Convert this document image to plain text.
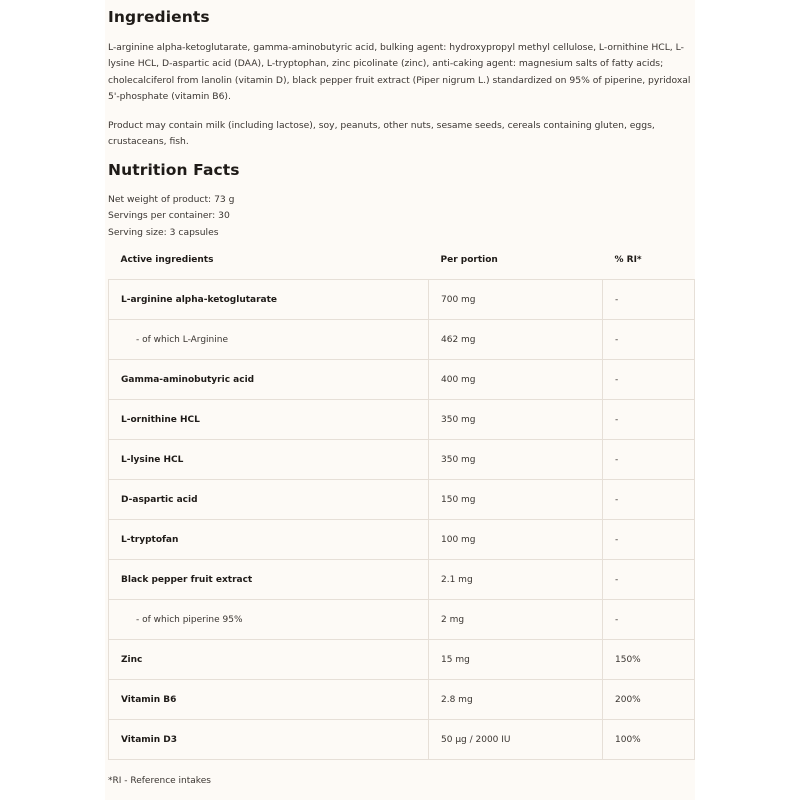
Ingredients

L-arginine alpha-ketoglutarate, gamma-aminobutyric acid, bulking agent: hydroxypropyl methyl cellulose, L-ornithine HCL, L-lysine HCL, D-aspartic acid (DAA), L-tryptophan, zinc picolinate (zinc), anti-caking agent: magnesium salts of fatty acids; cholecalciferol from lanolin (vitamin D), black pepper fruit extract (Piper nigrum L.) standardized on 95% of piperine, pyridoxal 5'-phosphate (vitamin B6).

Product may contain milk (including lactose), soy, peanuts, other nuts, sesame seeds, cereals containing gluten, eggs, crustaceans, fish.

Nutrition Facts
Net weight of product: 73 g
Servings per container: 30
Serving size: 3 capsules
Active ingredients	Per portion	% RI*
L-arginine alpha-ketoglutarate	700 mg	-
- of which L-Arginine	462 mg	-
Gamma-aminobutyric acid	400 mg	-
L-ornithine HCL	350 mg	-
L-lysine HCL	350 mg	-
D-aspartic acid	150 mg	-
L-tryptofan	100 mg	-
Black pepper fruit extract	2.1 mg	-
- of which piperine 95%	2 mg	-
Zinc	15 mg	150%
Vitamin B6	2.8 mg	200%
Vitamin D3	50 µg / 2000 IU	100%
*RI - Reference intakes
